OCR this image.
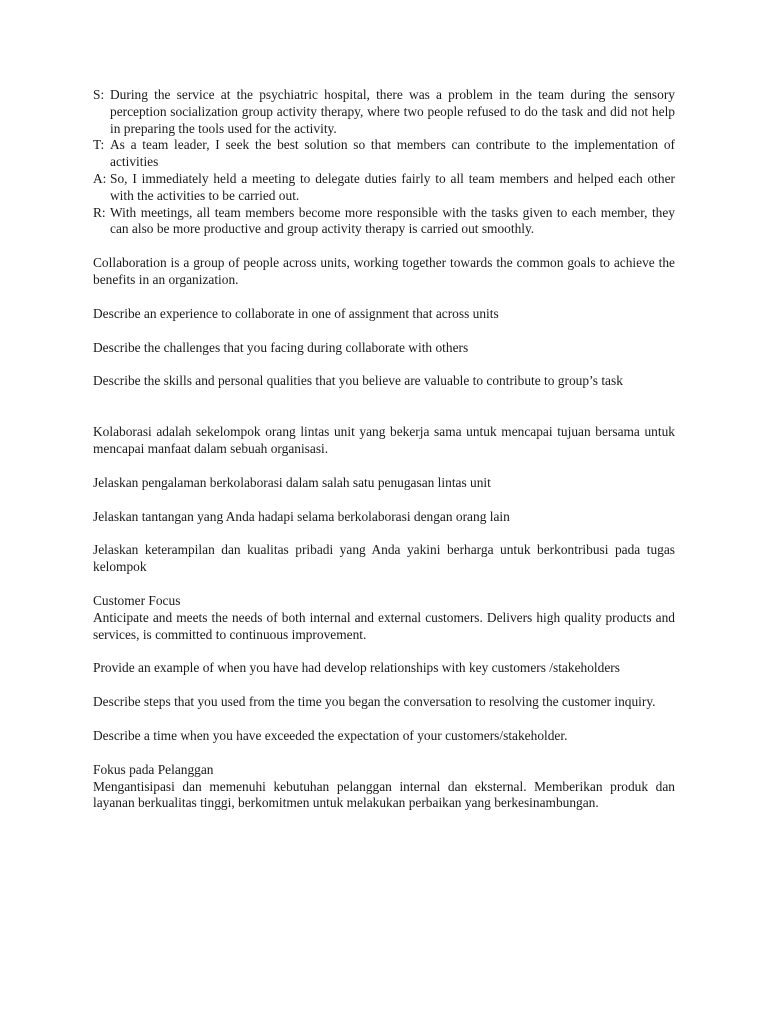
S: During the service at the psychiatric hospital, there was a problem in the team during the sensory perception socialization group activity therapy, where two people refused to do the task and did not help in preparing the tools used for the activity.
T: As a team leader, I seek the best solution so that members can contribute to the implementation of activities
A: So, I immediately held a meeting to delegate duties fairly to all team members and helped each other with the activities to be carried out.
R: With meetings, all team members become more responsible with the tasks given to each member, they can also be more productive and group activity therapy is carried out smoothly.

Collaboration is a group of people across units, working together towards the common goals to achieve the benefits in an organization.

Describe an experience to collaborate in one of assignment that across units

Describe the challenges that you facing during collaborate with others

Describe the skills and personal qualities that you believe are valuable to contribute to group’s task

Kolaborasi adalah sekelompok orang lintas unit yang bekerja sama untuk mencapai tujuan bersama untuk mencapai manfaat dalam sebuah organisasi.

Jelaskan pengalaman berkolaborasi dalam salah satu penugasan lintas unit

Jelaskan tantangan yang Anda hadapi selama berkolaborasi dengan orang lain

Jelaskan keterampilan dan kualitas pribadi yang Anda yakini berharga untuk berkontribusi pada tugas kelompok

Customer Focus

Anticipate and meets the needs of both internal and external customers. Delivers high quality products and services, is committed to continuous improvement.

Provide an example of when you have had develop relationships with key customers /stakeholders

Describe steps that you used from the time you began the conversation to resolving the customer inquiry.

Describe a time when you have exceeded the expectation of your customers/stakeholder.

Fokus pada Pelanggan

Mengantisipasi dan memenuhi kebutuhan pelanggan internal dan eksternal. Memberikan produk dan layanan berkualitas tinggi, berkomitmen untuk melakukan perbaikan yang berkesinambungan.
